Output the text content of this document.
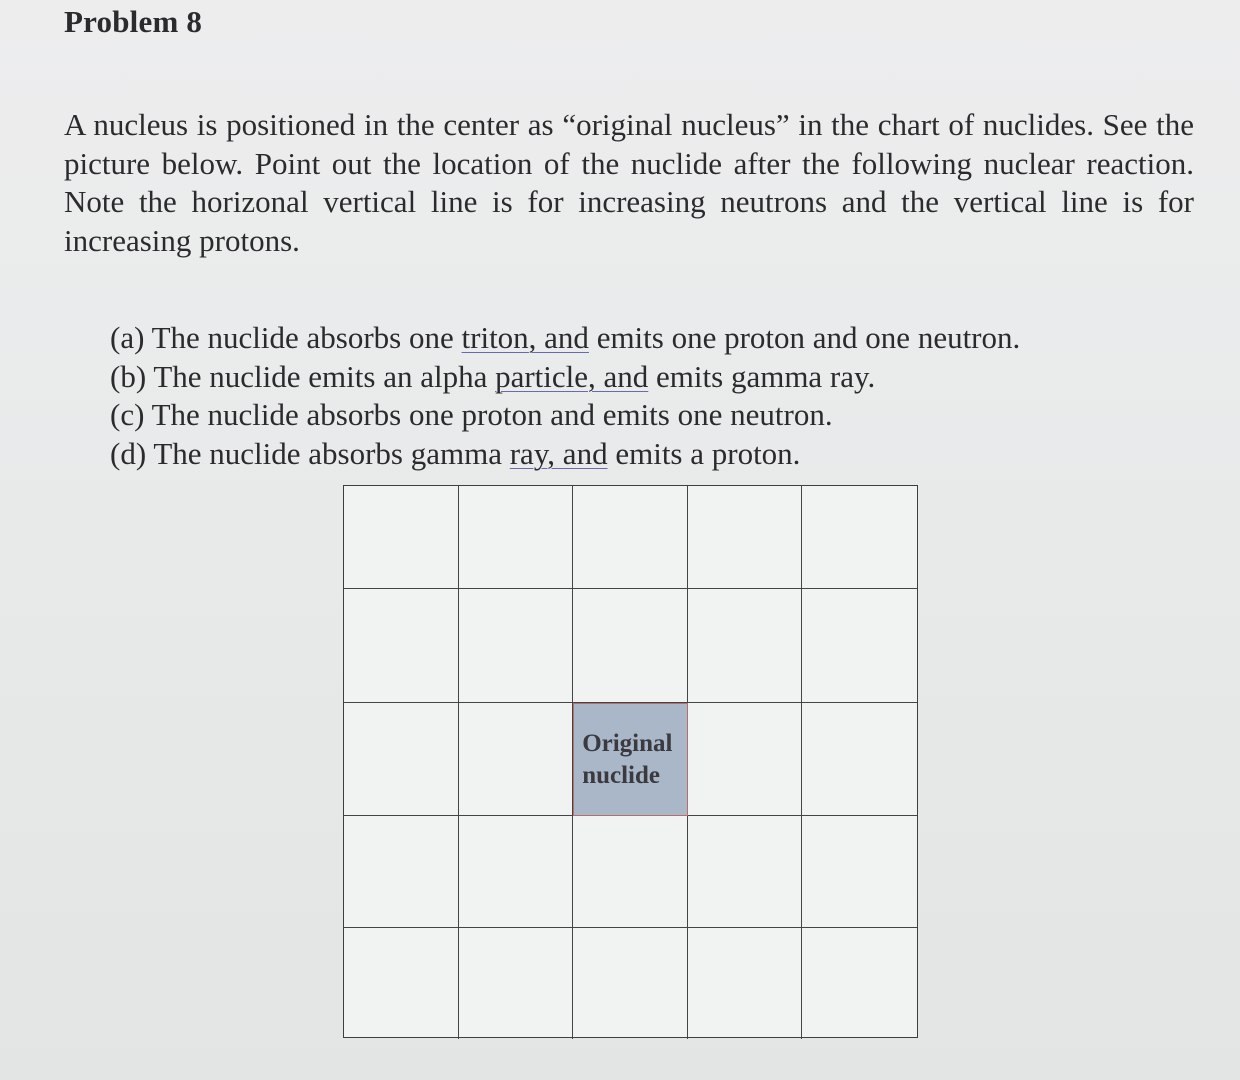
Problem 8
A nucleus is positioned in the center as “original nucleus” in the chart of nuclides. See the picture below. Point out the location of the nuclide after the following nuclear reaction. Note the horizonal vertical line is for increasing neutrons and the vertical line is for increasing protons.
(a) The nuclide absorbs one triton, and emits one proton and one neutron.
(b) The nuclide emits an alpha particle, and emits gamma ray.
(c) The nuclide absorbs one proton and emits one neutron.
(d) The nuclide absorbs gamma ray, and emits a proton.
Original
nuclide
